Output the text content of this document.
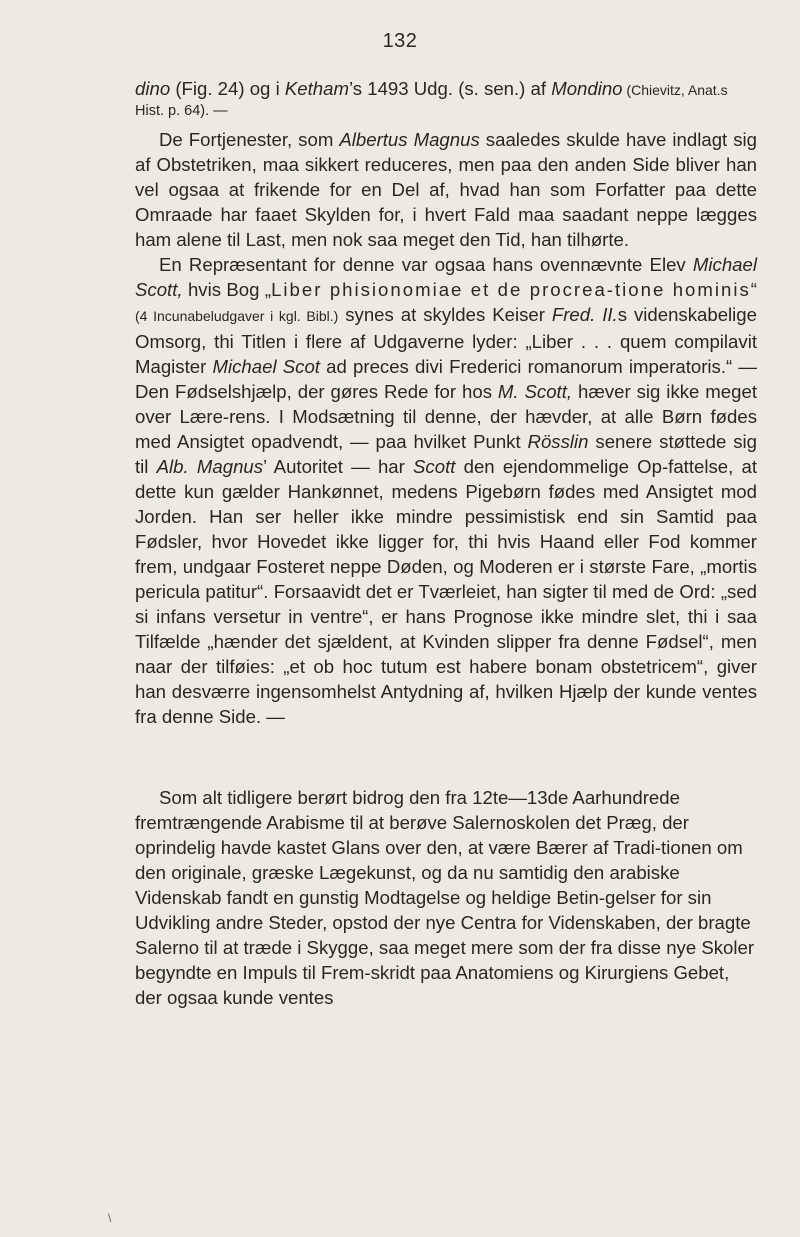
132
dino (Fig. 24) og i Ketham’s 1493 Udg. (s. sen.) af Mondino (Chievitz, Anat.s
Hist. p. 64). —

De Fortjenester, som Albertus Magnus saaledes skulde have indlagt sig af Obstetriken, maa sikkert reduceres, men paa den anden Side bliver han vel ogsaa at frikende for en Del af, hvad han som Forfatter paa dette Omraade har faaet Skylden for, i hvert Fald maa saadant neppe lægges ham alene til Last, men nok saa meget den Tid, han tilhørte.

En Repræsentant for denne var ogsaa hans ovennævnte Elev Michael Scott, hvis Bog „Liber phisionomiae et de procrea-tione hominis“ (4 Incunabeludgaver i kgl. Bibl.) synes at skyldes Keiser Fred. II.s videnskabelige Omsorg, thi Titlen i flere af Udgaverne lyder: „Liber . . . quem compilavit Magister Michael Scot ad preces divi Frederici romanorum imperatoris.“ — Den Fødselshjælp, der gøres Rede for hos M. Scott, hæver sig ikke meget over Lære-rens. I Modsætning til denne, der hævder, at alle Børn fødes med Ansigtet opadvendt, — paa hvilket Punkt Rösslin senere støttede sig til Alb. Magnus’ Autoritet — har Scott den ejendommelige Op-fattelse, at dette kun gælder Hankønnet, medens Pigebørn fødes med Ansigtet mod Jorden. Han ser heller ikke mindre pessimistisk end sin Samtid paa Fødsler, hvor Hovedet ikke ligger for, thi hvis Haand eller Fod kommer frem, undgaar Fosteret neppe Døden, og Moderen er i største Fare, „mortis pericula patitur“. Forsaavidt det er Tværleiet, han sigter til med de Ord: „sed si infans versetur in ventre“, er hans Prognose ikke mindre slet, thi i saa Tilfælde „hænder det sjældent, at Kvinden slipper fra denne Fødsel“, men naar der tilføies: „et ob hoc tutum est habere bonam obstetricem“, giver han desværre ingensomhelst Antydning af, hvilken Hjælp der kunde ventes fra denne Side. —

Som alt tidligere berørt bidrog den fra 12te—13de Aarhundrede fremtrængende Arabisme til at berøve Salernoskolen det Præg, der oprindelig havde kastet Glans over den, at være Bærer af Tradi-tionen om den originale, græske Lægekunst, og da nu samtidig den arabiske Videnskab fandt en gunstig Modtagelse og heldige Betin-gelser for sin Udvikling andre Steder, opstod der nye Centra for Videnskaben, der bragte Salerno til at træde i Skygge, saa meget mere som der fra disse nye Skoler begyndte en Impuls til Frem-skridt paa Anatomiens og Kirurgiens Gebet, der ogsaa kunde ventes

\
